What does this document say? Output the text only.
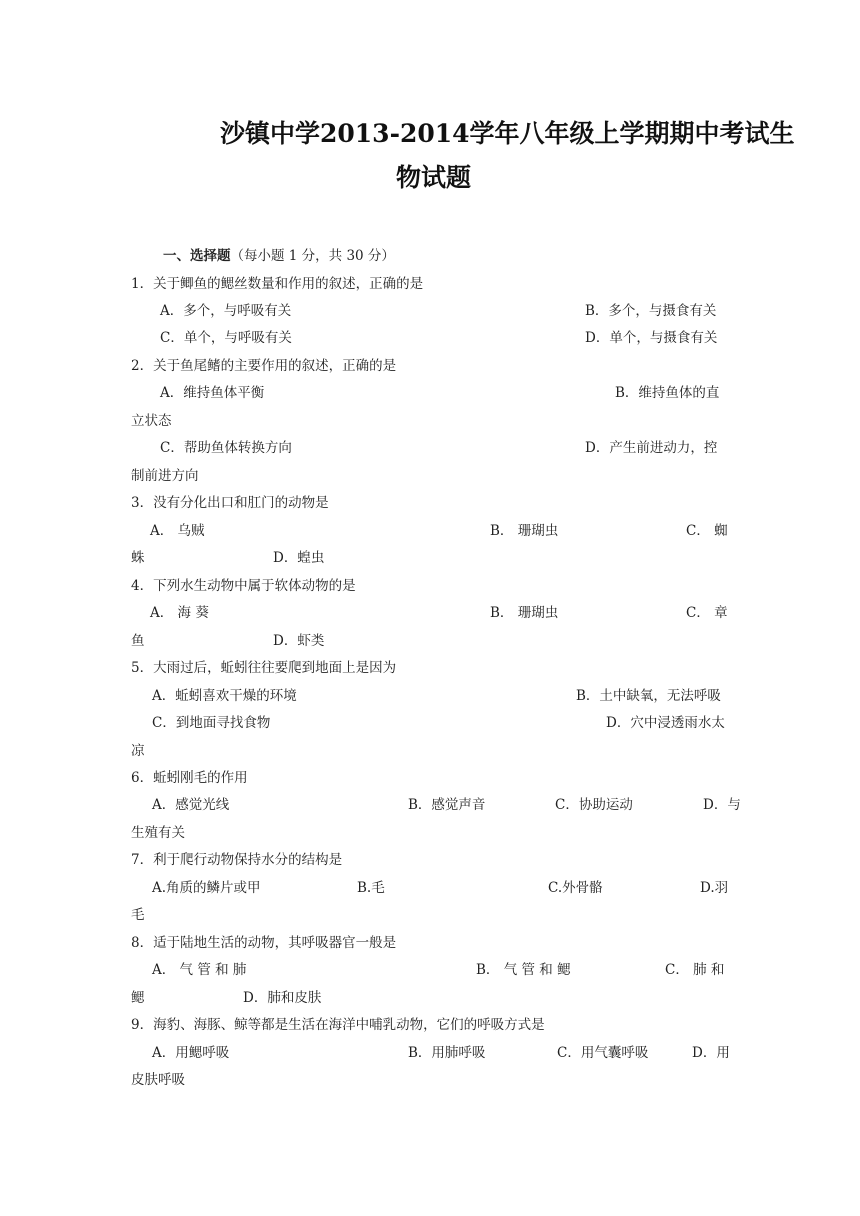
沙镇中学2013-2014学年八年级上学期期中考试生
物试题
一、选择题（每小题 1 分，共 30 分）
1．关于鲫鱼的鳃丝数量和作用的叙述，正确的是
A．多个，与呼吸有关	B．多个，与摄食有关
C．单个，与呼吸有关	D．单个，与摄食有关
2．关于鱼尾鳍的主要作用的叙述，正确的是
A．维持鱼体平衡	B．维持鱼体的直
立状态
C．帮助鱼体转换方向	D．产生前进动力，控
制前进方向
3．没有分化出口和肛门的动物是
A． 乌贼	B． 珊瑚虫	C． 蜘
蛛	D．蝗虫
4．下列水生动物中属于软体动物的是
A． 海 葵	B． 珊瑚虫	C． 章
鱼	D．虾类
5．大雨过后，蚯蚓往往要爬到地面上是因为
A．蚯蚓喜欢干燥的环境	B．土中缺氧，无法呼吸
C．到地面寻找食物	D．穴中浸透雨水太
凉
6．蚯蚓刚毛的作用
A．感觉光线	B．感觉声音	C．协助运动	D．与
生殖有关
7．利于爬行动物保持水分的结构是
A.角质的鳞片或甲	B.毛	C.外骨骼	D.羽
毛
8．适于陆地生活的动物，其呼吸器官一般是
A． 气 管 和 肺	B． 气 管 和 鳃	C． 肺 和
鳃	D．肺和皮肤
9．海豹、海豚、鲸等都是生活在海洋中哺乳动物，它们的呼吸方式是
A．用鳃呼吸	B．用肺呼吸	C．用气囊呼吸	D．用
皮肤呼吸
